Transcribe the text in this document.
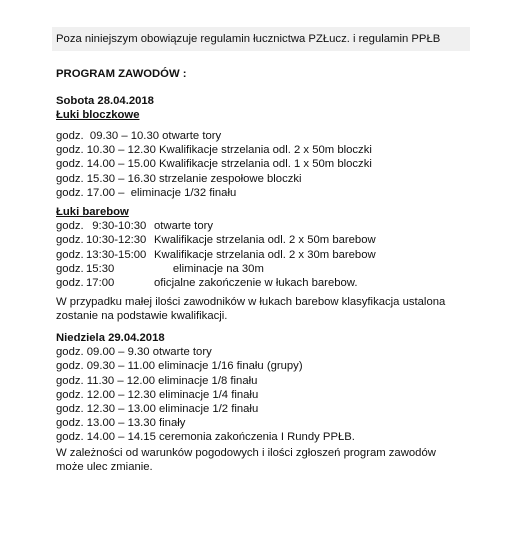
Poza niniejszym obowiązuje regulamin łucznictwa PZŁucz. i regulamin PPŁB
PROGRAM ZAWODÓW :
Sobota 28.04.2018
Łuki bloczkowe
godz.  09.30 – 10.30 otwarte tory
godz. 10.30 – 12.30 Kwalifikacje strzelania odl. 2 x 50m bloczki
godz. 14.00 – 15.00 Kwalifikacje strzelania odl. 1 x 50m bloczki
godz. 15.30 – 16.30 strzelanie zespołowe bloczki
godz. 17.00 –  eliminacje 1/32 finału
Łuki barebow
godz. 9:30-10:30 otwarte tory
godz. 10:30-12:30 Kwalifikacje strzelania odl. 2 x 50m barebow
godz. 13:30-15:00 Kwalifikacje strzelania odl. 2 x 30m barebow
godz. 15:30	eliminacje na 30m
godz. 17:00	oficjalne zakończenie w łukach barebow.
W przypadku małej ilości zawodników w łukach barebow klasyfikacja ustalona zostanie na podstawie kwalifikacji.
Niedziela 29.04.2018
godz. 09.00 – 9.30 otwarte tory
godz. 09.30 – 11.00 eliminacje 1/16 finału (grupy)
godz. 11.30 – 12.00 eliminacje 1/8 finału
godz. 12.00 – 12.30 eliminacje 1/4 finału
godz. 12.30 – 13.00 eliminacje 1/2 finału
godz. 13.00 – 13.30 finały
godz. 14.00 – 14.15 ceremonia zakończenia I Rundy PPŁB.
W zależności od warunków pogodowych i ilości zgłoszeń program zawodów może ulec zmianie.
